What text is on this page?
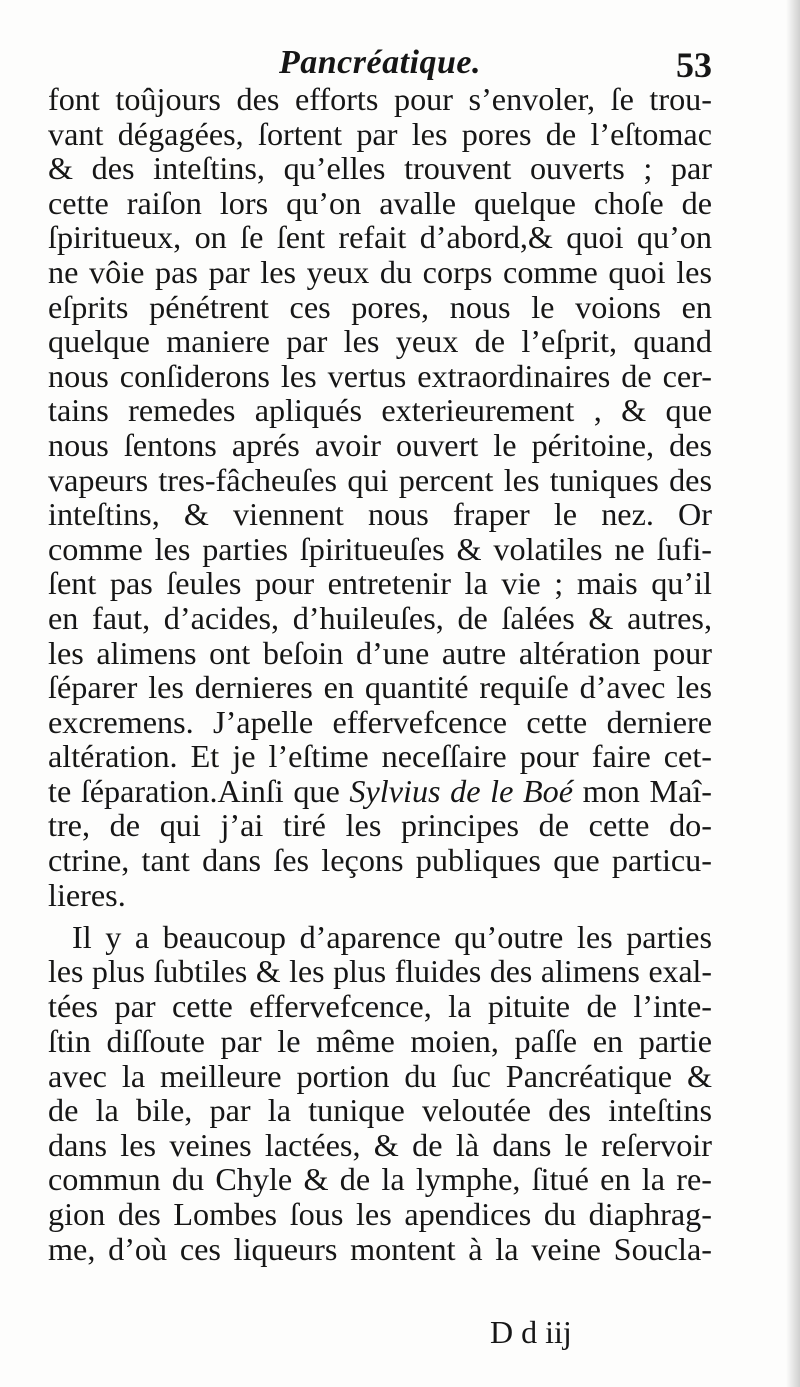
Pancréatique.	53
font toûjours des efforts pour s’envoler, ſe trou-
vant dégagées, ſortent par les pores de l’eſtomac
& des inteſtins, qu’elles trouvent ouverts ; par
cette raiſon lors qu’on avalle quelque choſe de
ſpiritueux, on ſe ſent refait d’abord,& quoi qu’on
ne vôie pas par les yeux du corps comme quoi les
eſprits pénétrent ces pores, nous le voions en
quelque maniere par les yeux de l’eſprit, quand
nous conſiderons les vertus extraordinaires de cer-
tains remedes apliqués exterieurement , & que
nous ſentons aprés avoir ouvert le péritoine, des
vapeurs tres-fâcheuſes qui percent les tuniques des
inteſtins, & viennent nous fraper le nez. Or
comme les parties ſpiritueuſes & volatiles ne ſufi-
ſent pas ſeules pour entretenir la vie ; mais qu’il
en faut, d’acides, d’huileuſes, de ſalées & autres,
les alimens ont beſoin d’une autre altération pour
ſéparer les dernieres en quantité requiſe d’avec les
excremens. J’apelle effervefcence cette derniere
altération. Et je l’eſtime neceſſaire pour faire cet-
te ſéparation.Ainſi que Sylvius de le Boé mon Maî-
tre, de qui j’ai tiré les principes de cette do-
ctrine, tant dans ſes leçons publiques que particu-
lieres.
Il y a beaucoup d’aparence qu’outre les parties
les plus ſubtiles & les plus fluides des alimens exal-
tées par cette effervefcence, la pituite de l’inte-
ſtin diſſoute par le même moien, paſſe en partie
avec la meilleure portion du ſuc Pancréatique &
de la bile, par la tunique veloutée des inteſtins
dans les veines lactées, & de là dans le reſervoir
commun du Chyle & de la lymphe, ſitué en la re-
gion des Lombes ſous les apendices du diaphrag-
me, d’où ces liqueurs montent à la veine Soucla-
D d iij
